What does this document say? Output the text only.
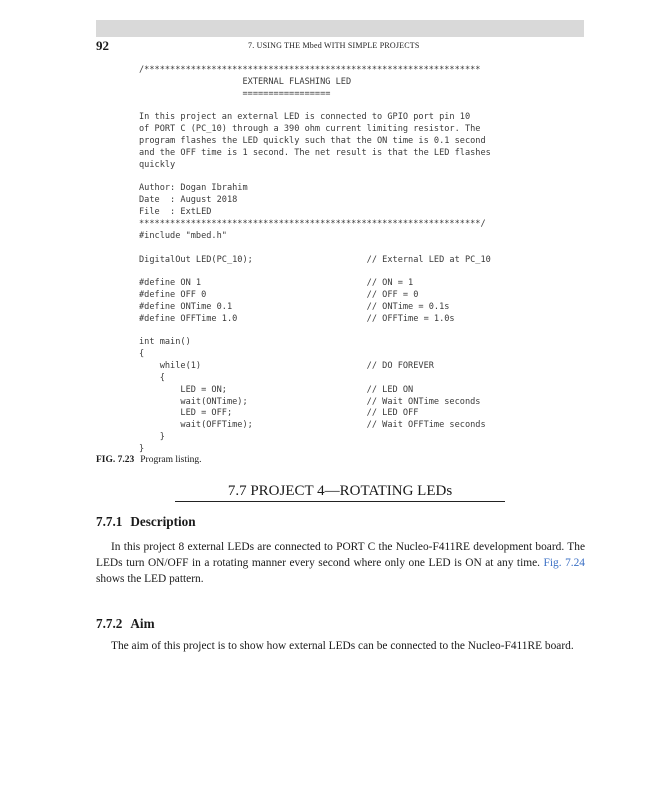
92	7. USING THE Mbed WITH SIMPLE PROJECTS
/*****************************************************************
EXTERNAL FLASHING LED
=================
In this project an external LED is connected to GPIO port pin 10
of PORT C (PC_10) through a 390 ohm current limiting resistor. The
program flashes the LED quickly such that the ON time is 0.1 second
and the OFF time is 1 second. The net result is that the LED flashes
quickly
Author: Dogan Ibrahim
Date  : August 2018
File  : ExtLED
******************************************************************/
#include "mbed.h"
DigitalOut LED(PC_10);                      // External LED at PC_10
#define ON 1                                // ON = 1
#define OFF 0                               // OFF = 0
#define ONTime 0.1                          // ONTime = 0.1s
#define OFFTime 1.0                         // OFFTime = 1.0s
int main()
{
while(1)                                // DO FOREVER
{
LED = ON;                           // LED ON
wait(ONTime);                       // Wait ONTime seconds
LED = OFF;                          // LED OFF
wait(OFFTime);                      // Wait OFFTime seconds
}
}
FIG. 7.23 Program listing.
7.7 PROJECT 4—ROTATING LEDs
7.7.1 Description

In this project 8 external LEDs are connected to PORT C the Nucleo-F411RE development board. The LEDs turn ON/OFF in a rotating manner every second where only one LED is ON at any time. Fig. 7.24 shows the LED pattern.

7.7.2 Aim

The aim of this project is to show how external LEDs can be connected to the Nucleo-F411RE board.
